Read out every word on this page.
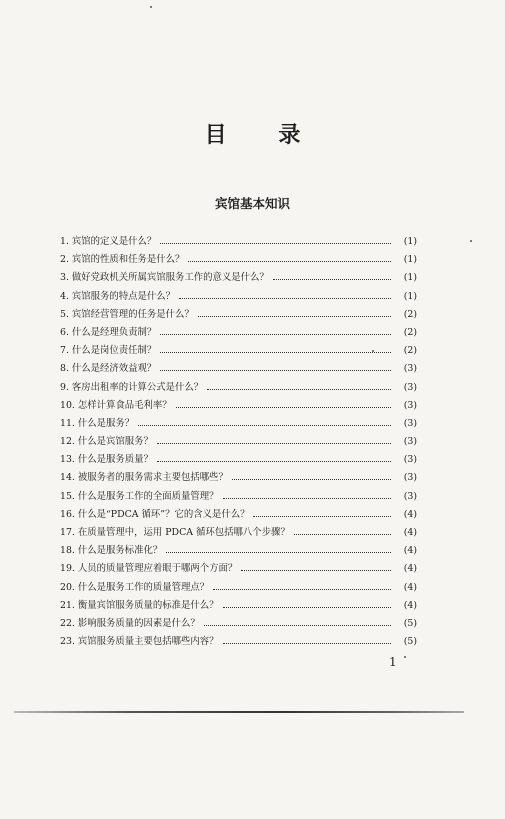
目 录
宾馆基本知识
1. 宾馆的定义是什么？	(1)
2. 宾馆的性质和任务是什么？	(1)
3. 做好党政机关所属宾馆服务工作的意义是什么？	(1)
4. 宾馆服务的特点是什么？	(1)
5. 宾馆经营管理的任务是什么？	(2)
6. 什么是经理负责制？	(2)
7. 什么是岗位责任制？	(2)
8. 什么是经济效益观？	(3)
9. 客房出租率的计算公式是什么？	(3)
10. 怎样计算食品毛利率？	(3)
11. 什么是服务？	(3)
12. 什么是宾馆服务？	(3)
13. 什么是服务质量？	(3)
14. 被服务者的服务需求主要包括哪些？	(3)
15. 什么是服务工作的全面质量管理？	(3)
16. 什么是“PDCA 循环”？它的含义是什么？	(4)
17. 在质量管理中，运用 PDCA 循环包括哪八个步骤？	(4)
18. 什么是服务标准化？	(4)
19. 人员的质量管理应着眼于哪两个方面？	(4)
20. 什么是服务工作的质量管理点？	(4)
21. 衡量宾馆服务质量的标准是什么？	(4)
22. 影响服务质量的因素是什么？	(5)
23. 宾馆服务质量主要包括哪些内容？	(5)
1
